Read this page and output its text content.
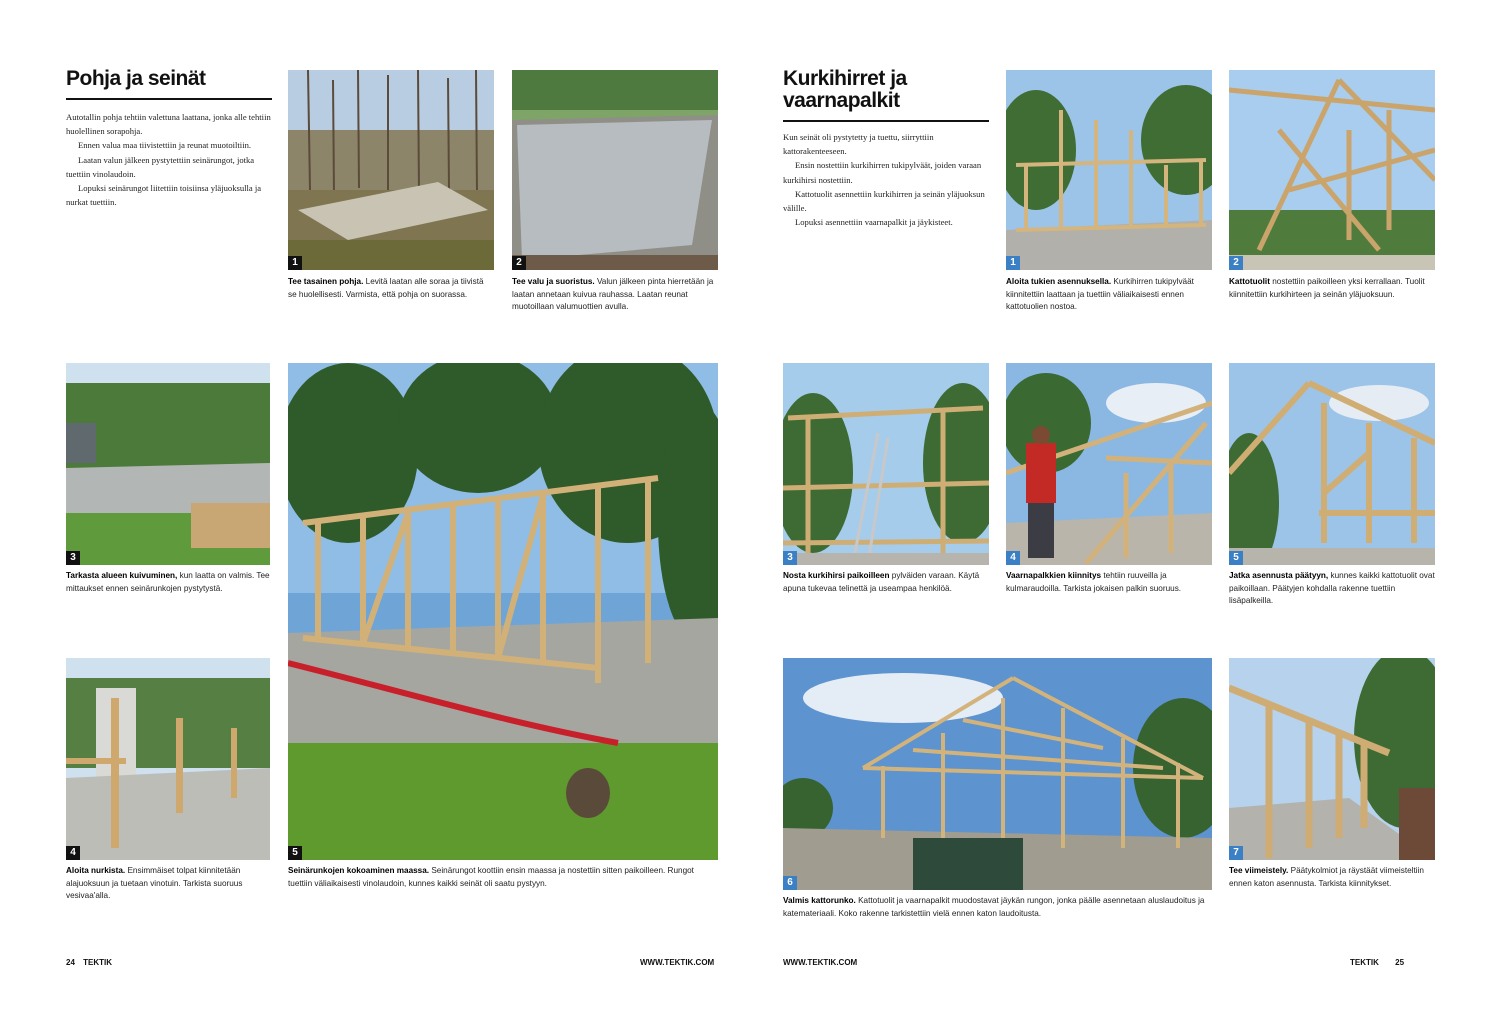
Pohja ja seinät

Autotallin pohja tehtiin valettuna laattana, jonka alle tehtiin huolellinen sorapohja.

Ennen valua maa tiivistettiin ja reunat muotoiltiin.

Laatan valun jälkeen pystytettiin seinärungot, jotka tuettiin vinolaudoin.

Lopuksi seinärungot liitettiin toisiinsa yläjuoksulla ja nurkat tuettiin.

1	2
Tee tasainen pohja. Levitä laatan alle soraa ja tiivistä se huolellisesti. Varmista, että pohja on suorassa.
Tee valu ja suoristus. Valun jälkeen pinta hierretään ja laatan annetaan kuivua rauhassa. Laatan reunat muotoillaan valumuottien avulla.
3
Tarkasta alueen kuivuminen, kun laatta on valmis. Tee mittaukset ennen seinärunkojen pystytystä.
4
Aloita nurkista. Ensimmäiset tolpat kiinnitetään alajuoksuun ja tuetaan vinotuin. Tarkista suoruus vesivaa'alla.
5
Seinärunkojen kokoaminen maassa. Seinärungot koottiin ensin maassa ja nostettiin sitten paikoilleen. Rungot tuettiin väliaikaisesti vinolaudoin, kunnes kaikki seinät oli saatu pystyyn.
24 TEKTIK	WWW.TEKTIK.COM
Kurkihirret ja vaarnapalkit

Kun seinät oli pystytetty ja tuettu, siirryttiin kattorakenteeseen.

Ensin nostettiin kurkihirren tukipylväät, joiden varaan kurkihirsi nostettiin.

Kattotuolit asennettiin kurkihirren ja seinän yläjuoksun välille.

Lopuksi asennettiin vaarnapalkit ja jäykisteet.

1	2
Aloita tukien asennuksella. Kurkihirren tukipylväät kiinnitettiin laattaan ja tuettiin väliaikaisesti ennen kattotuolien nostoa.
Kattotuolit nostettiin paikoilleen yksi kerrallaan. Tuolit kiinnitettiin kurkihirteen ja seinän yläjuoksuun.
3	4	5
Nosta kurkihirsi paikoilleen pylväiden varaan. Käytä apuna tukevaa telinettä ja useampaa henkilöä.
Vaarnapalkkien kiinnitys tehtiin ruuveilla ja kulmaraudoilla. Tarkista jokaisen palkin suoruus.
Jatka asennusta päätyyn, kunnes kaikki kattotuolit ovat paikoillaan. Päätyjen kohdalla rakenne tuettiin lisäpalkeilla.
6
7
Valmis kattorunko. Kattotuolit ja vaarnapalkit muodostavat jäykän rungon, jonka päälle asennetaan aluslaudoitus ja katemateriaali. Koko rakenne tarkistettiin vielä ennen katon laudoitusta.
Tee viimeistely. Päätykolmiot ja räystäät viimeisteltiin ennen katon asennusta. Tarkista kiinnitykset.
WWW.TEKTIK.COM	TEKTIK 25
